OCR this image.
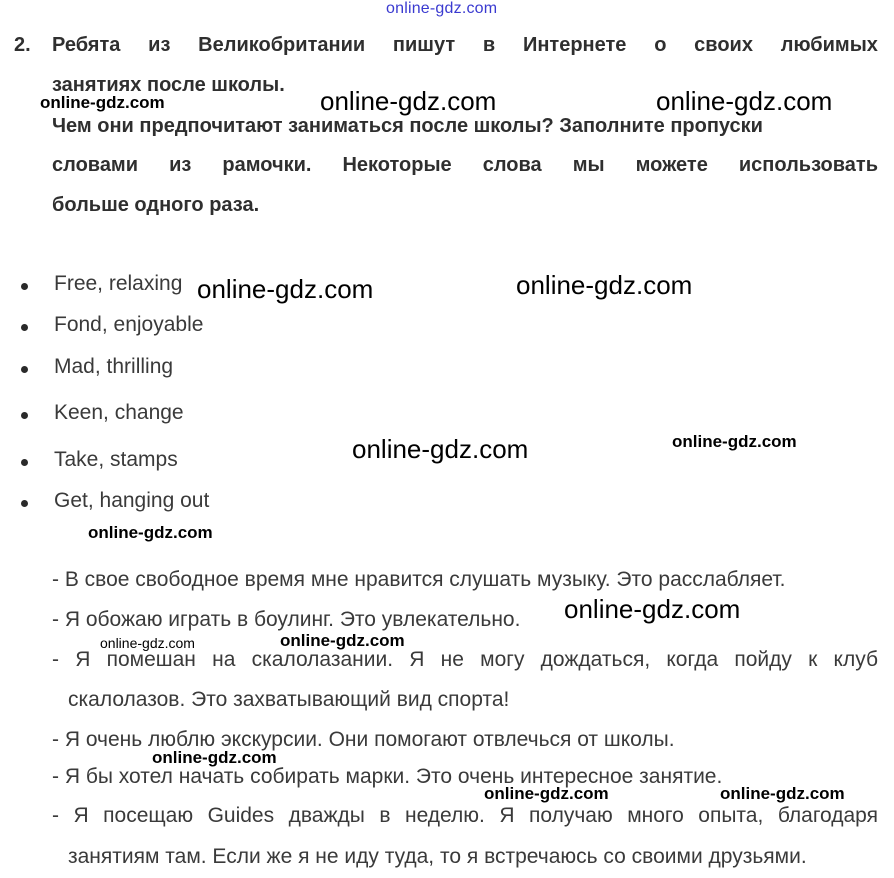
online-gdz.com
2. Ребята из Великобритании пишут в Интернете о своих любимых
занятиях после школы.
Чем они предпочитают заниматься после школы? Заполните пропуски
словами из рамочки. Некоторые слова мы можете использовать
больше одного раза.
Free, relaxing
Fond, enjoyable
Mad, thrilling
Keen, change
Take, stamps
Get, hanging out
- В свое свободное время мне нравится слушать музыку. Это расслабляет.
- Я обожаю играть в боулинг. Это увлекательно.
- Я помешан на скалолазании. Я не могу дождаться, когда пойду к клуб
скалолазов. Это захватывающий вид спорта!
- Я очень люблю экскурсии. Они помогают отвлечься от школы.
- Я бы хотел начать собирать марки. Это очень интересное занятие.
- Я посещаю Guides дважды в неделю. Я получаю много опыта, благодаря
занятиям там. Если же я не иду туда, то я встречаюсь со своими друзьями.
online-gdz.com	online-gdz.com	online-gdz.com
online-gdz.com	online-gdz.com
online-gdz.com
online-gdz.com
online-gdz.com
online-gdz.com
online-gdz.com	online-gdz.com
online-gdz.com
online-gdz.com	online-gdz.com
